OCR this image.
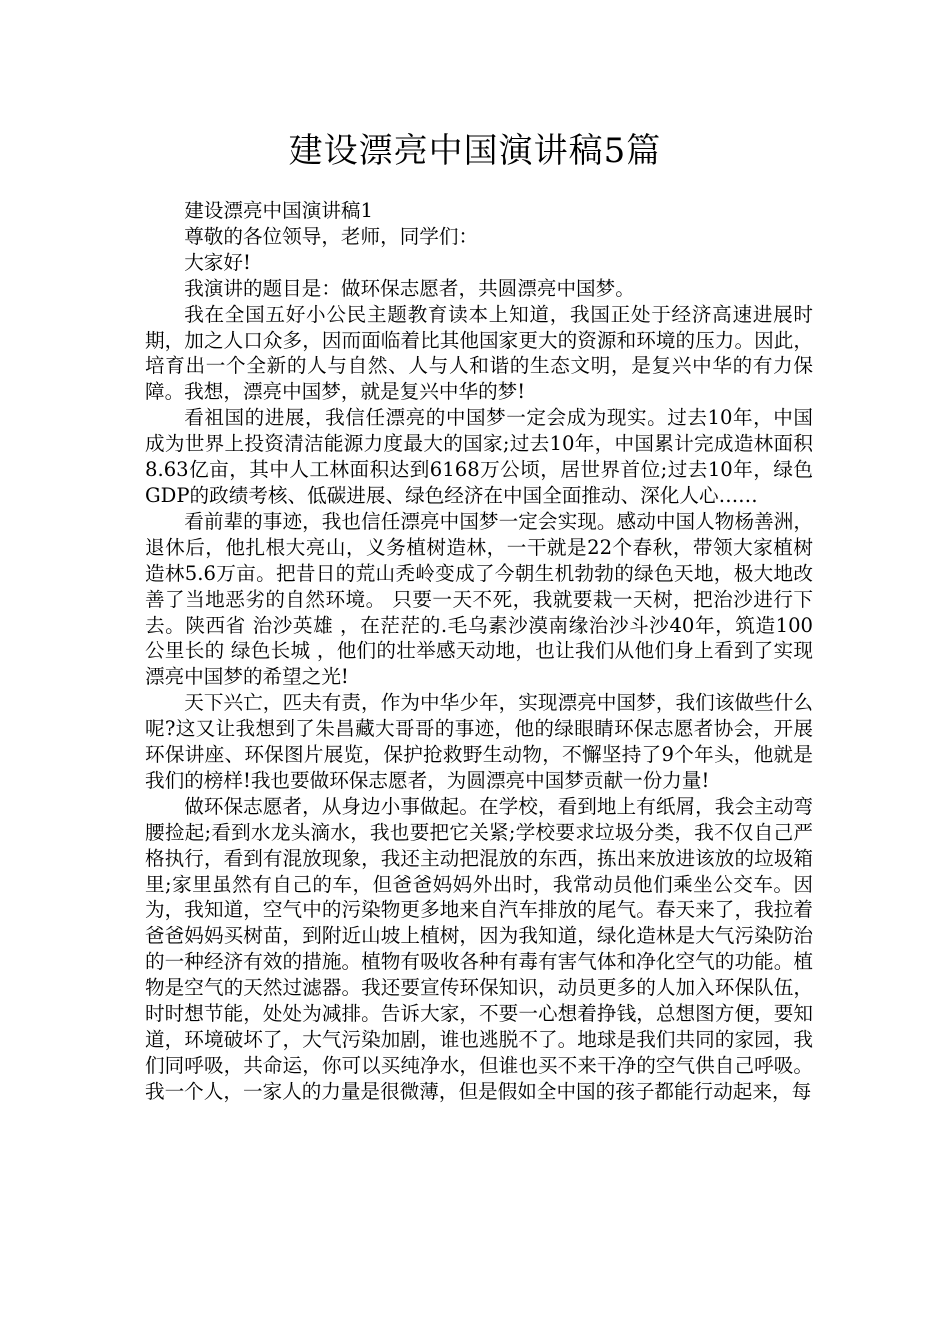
建设漂亮中国演讲稿5篇

建设漂亮中国演讲稿1

尊敬的各位领导，老师，同学们：

大家好!

我演讲的题目是：做环保志愿者，共圆漂亮中国梦。

我在全国五好小公民主题教育读本上知道，我国正处于经济高速进展时期，加之人口众多，因而面临着比其他国家更大的资源和环境的压力。因此，培育出一个全新的人与自然、人与人和谐的生态文明，是复兴中华的有力保障。我想，漂亮中国梦，就是复兴中华的梦!

看祖国的进展，我信任漂亮的中国梦一定会成为现实。过去10年，中国成为世界上投资清洁能源力度最大的国家;过去10年，中国累计完成造林面积8.63亿亩，其中人工林面积达到6168万公顷，居世界首位;过去10年，绿色GDP的政绩考核、低碳进展、绿色经济在中国全面推动、深化人心……

看前辈的事迹，我也信任漂亮中国梦一定会实现。感动中国人物杨善洲，退休后，他扎根大亮山，义务植树造林，一干就是22个春秋，带领大家植树造林5.6万亩。把昔日的荒山秃岭变成了今朝生机勃勃的绿色天地，极大地改善了当地恶劣的自然环境。 只要一天不死，我就要栽一天树，把治沙进行下去。陕西省 治沙英雄 ，在茫茫的.毛乌素沙漠南缘治沙斗沙40年，筑造100公里长的 绿色长城 ，他们的壮举感天动地，也让我们从他们身上看到了实现漂亮中国梦的希望之光!

天下兴亡，匹夫有责，作为中华少年，实现漂亮中国梦，我们该做些什么呢?这又让我想到了朱昌藏大哥哥的事迹，他的绿眼睛环保志愿者协会，开展环保讲座、环保图片展览，保护抢救野生动物，不懈坚持了9个年头，他就是我们的榜样!我也要做环保志愿者，为圆漂亮中国梦贡献一份力量!

做环保志愿者，从身边小事做起。在学校，看到地上有纸屑，我会主动弯腰捡起;看到水龙头滴水，我也要把它关紧;学校要求垃圾分类，我不仅自己严格执行，看到有混放现象，我还主动把混放的东西，拣出来放进该放的垃圾箱里;家里虽然有自己的车，但爸爸妈妈外出时，我常动员他们乘坐公交车。因为，我知道，空气中的污染物更多地来自汽车排放的尾气。春天来了，我拉着爸爸妈妈买树苗，到附近山坡上植树，因为我知道，绿化造林是大气污染防治的一种经济有效的措施。植物有吸收各种有毒有害气体和净化空气的功能。植物是空气的天然过滤器。我还要宣传环保知识，动员更多的人加入环保队伍，时时想节能，处处为减排。告诉大家，不要一心想着挣钱，总想图方便，要知道，环境破坏了，大气污染加剧，谁也逃脱不了。地球是我们共同的家园，我们同呼吸，共命运，你可以买纯净水，但谁也买不来干净的空气供自己呼吸。我一个人，一家人的力量是很微薄，但是假如全中国的孩子都能行动起来，每
